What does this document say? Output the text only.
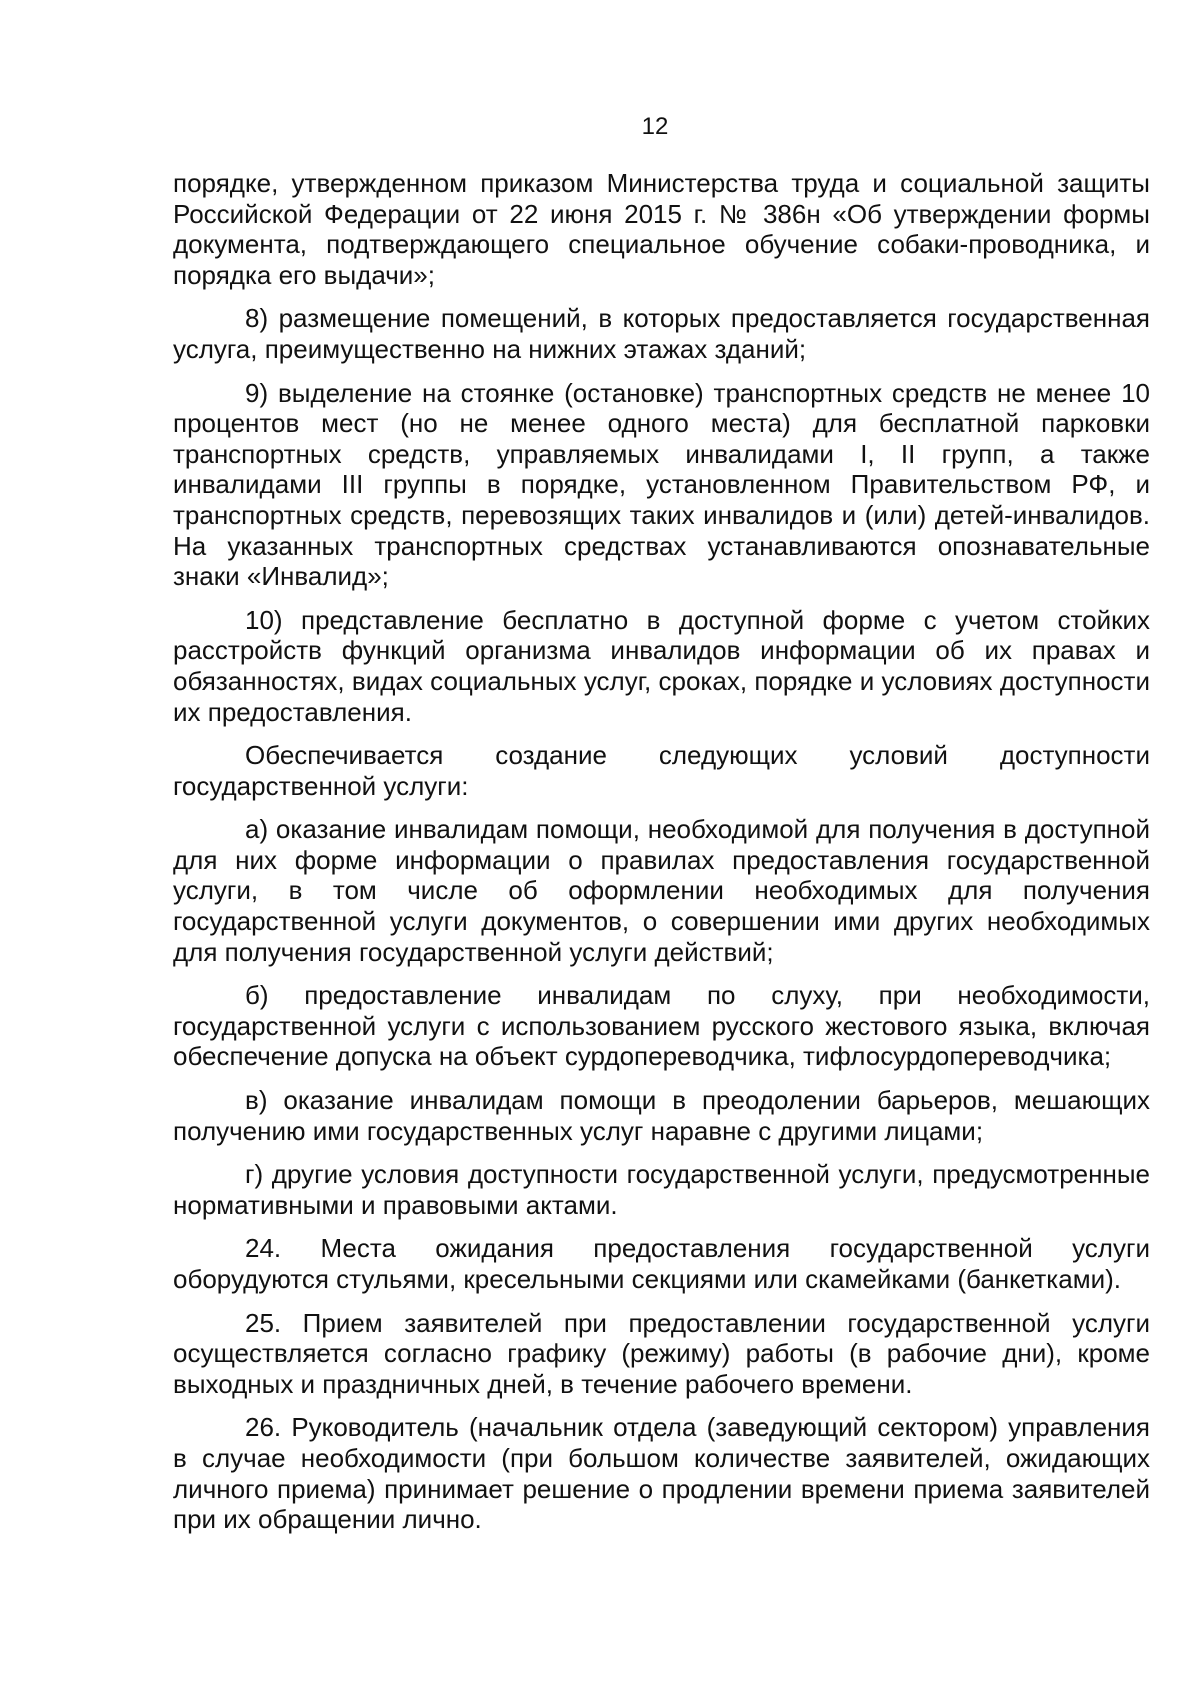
12

порядке, утвержденном приказом Министерства труда и социальной защиты Российской Федерации от 22 июня 2015 г. № 386н «Об утверждении формы документа, подтверждающего специальное обучение собаки-проводника, и порядка его выдачи»;

8) размещение помещений, в которых предоставляется государственная услуга, преимущественно на нижних этажах зданий;

9) выделение на стоянке (остановке) транспортных средств не менее 10 процентов мест (но не менее одного места) для бесплатной парковки транспортных средств, управляемых инвалидами I, II групп, а также инвалидами III группы в порядке, установленном Правительством РФ, и транспортных средств, перевозящих таких инвалидов и (или) детей-инвалидов. На указанных транспортных средствах устанавливаются опознавательные знаки «Инвалид»;

10) представление бесплатно в доступной форме с учетом стойких расстройств функций организма инвалидов информации об их правах и обязанностях, видах социальных услуг, сроках, порядке и условиях доступности их предоставления.

Обеспечивается создание следующих условий доступности государственной услуги:

а) оказание инвалидам помощи, необходимой для получения в доступной для них форме информации о правилах предоставления государственной услуги, в том числе об оформлении необходимых для получения государственной услуги документов, о совершении ими других необходимых для получения государственной услуги действий;

б) предоставление инвалидам по слуху, при необходимости, государственной услуги с использованием русского жестового языка, включая обеспечение допуска на объект сурдопереводчика, тифлосурдопереводчика;

в) оказание инвалидам помощи в преодолении барьеров, мешающих получению ими государственных услуг наравне с другими лицами;

г) другие условия доступности государственной услуги, предусмотренные нормативными и правовыми актами.

24. Места ожидания предоставления государственной услуги оборудуются стульями, кресельными секциями или скамейками (банкетками).

25. Прием заявителей при предоставлении государственной услуги осуществляется согласно графику (режиму) работы (в рабочие дни), кроме выходных и праздничных дней, в течение рабочего времени.

26. Руководитель (начальник отдела (заведующий сектором) управления в случае необходимости (при большом количестве заявителей, ожидающих личного приема) принимает решение о продлении времени приема заявителей при их обращении лично.
